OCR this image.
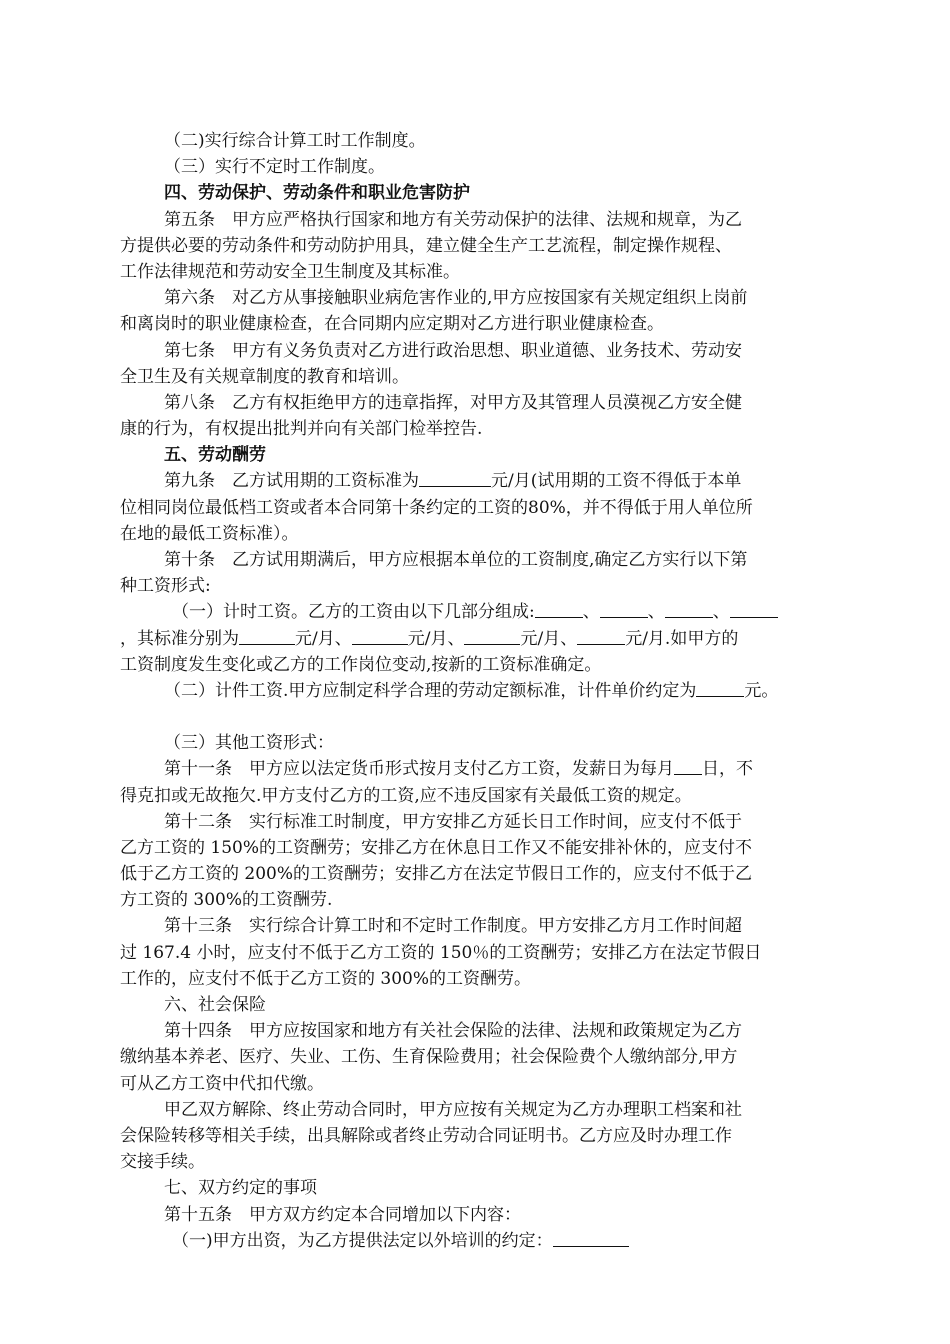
（二)实行综合计算工时工作制度。
（三）实行不定时工作制度。
四、劳动保护、劳动条件和职业危害防护
第五条　甲方应严格执行国家和地方有关劳动保护的法律、法规和规章，为乙
方提供必要的劳动条件和劳动防护用具，建立健全生产工艺流程，制定操作规程、
工作法律规范和劳动安全卫生制度及其标准。
第六条　对乙方从事接触职业病危害作业的,甲方应按国家有关规定组织上岗前
和离岗时的职业健康检查，在合同期内应定期对乙方进行职业健康检查。
第七条　甲方有义务负责对乙方进行政治思想、职业道德、业务技术、劳动安
全卫生及有关规章制度的教育和培训。
第八条　乙方有权拒绝甲方的违章指挥，对甲方及其管理人员漠视乙方安全健
康的行为，有权提出批判并向有关部门检举控告.
五、劳动酬劳
第九条　乙方试用期的工资标准为	元/月(试用期的工资不得低于本单
位相同岗位最低档工资或者本合同第十条约定的工资的80%，并不得低于用人单位所
在地的最低工资标准）。
第十条　乙方试用期满后，甲方应根据本单位的工资制度,确定乙方实行以下第
种工资形式:
（一）计时工资。乙方的工资由以下几部分组成:	、	、	、
，其标准分别为	元/月、	元/月、	元/月、	元/月.如甲方的
工资制度发生变化或乙方的工作岗位变动,按新的工资标准确定。
（二）计件工资.甲方应制定科学合理的劳动定额标准，计件单价约定为	元。
（三）其他工资形式：
第十一条　甲方应以法定货币形式按月支付乙方工资，发薪日为每月 日，不
得克扣或无故拖欠.甲方支付乙方的工资,应不违反国家有关最低工资的规定。
第十二条　实行标准工时制度，甲方安排乙方延长日工作时间，应支付不低于
乙方工资的 150%的工资酬劳；安排乙方在休息日工作又不能安排补休的，应支付不
低于乙方工资的 200%的工资酬劳；安排乙方在法定节假日工作的，应支付不低于乙
方工资的 300%的工资酬劳.
第十三条　实行综合计算工时和不定时工作制度。甲方安排乙方月工作时间超
过 167.4 小时，应支付不低于乙方工资的 150％的工资酬劳；安排乙方在法定节假日
工作的，应支付不低于乙方工资的 300%的工资酬劳。
六、社会保险
第十四条　甲方应按国家和地方有关社会保险的法律、法规和政策规定为乙方
缴纳基本养老、医疗、失业、工伤、生育保险费用；社会保险费个人缴纳部分,甲方
可从乙方工资中代扣代缴。
甲乙双方解除、终止劳动合同时，甲方应按有关规定为乙方办理职工档案和社
会保险转移等相关手续，出具解除或者终止劳动合同证明书。乙方应及时办理工作
交接手续。
七、双方约定的事项
第十五条　甲方双方约定本合同增加以下内容：
（一)甲方出资，为乙方提供法定以外培训的约定：
